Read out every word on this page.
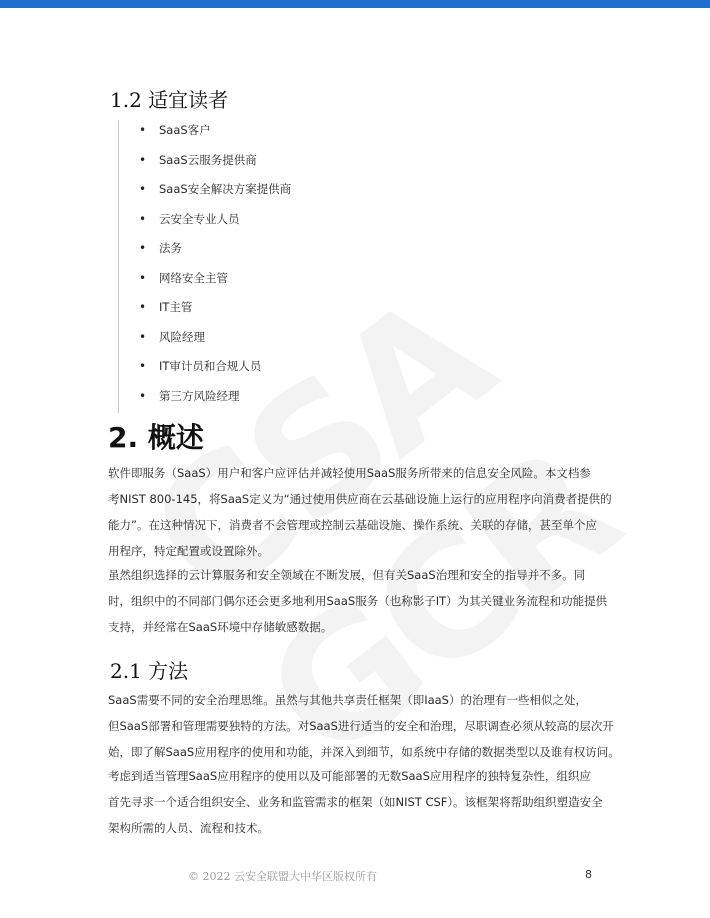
1.2 适宜读者
• SaaS客户
• SaaS云服务提供商
• SaaS安全解决方案提供商
• 云安全专业人员
• 法务
• 网络安全主管
• IT主管
• 风险经理
• IT审计员和合规人员
• 第三方风险经理
2. 概述
软件即服务（SaaS）用户和客户应评估并减轻使用SaaS服务所带来的信息安全风险。本文档参
考NIST 800-145，将SaaS定义为“通过使用供应商在云基础设施上运行的应用程序向消费者提供的
能力”。在这种情况下，消费者不会管理或控制云基础设施、操作系统、关联的存储，甚至单个应
用程序，特定配置或设置除外。
虽然组织选择的云计算服务和安全领域在不断发展，但有关SaaS治理和安全的指导并不多。同
时，组织中的不同部门偶尔还会更多地利用SaaS服务（也称影子IT）为其关键业务流程和功能提供
支持，并经常在SaaS环境中存储敏感数据。
2.1 方法
SaaS需要不同的安全治理思维。虽然与其他共享责任框架（即IaaS）的治理有一些相似之处，
但SaaS部署和管理需要独特的方法。对SaaS进行适当的安全和治理，尽职调查必须从较高的层次开
始，即了解SaaS应用程序的使用和功能，并深入到细节，如系统中存储的数据类型以及谁有权访问。
考虑到适当管理SaaS应用程序的使用以及可能部署的无数SaaS应用程序的独特复杂性，组织应
首先寻求一个适合组织安全、业务和监管需求的框架（如NIST CSF）。该框架将帮助组织塑造安全
架构所需的人员、流程和技术。
© 2022 云安全联盟大中华区版权所有	8
